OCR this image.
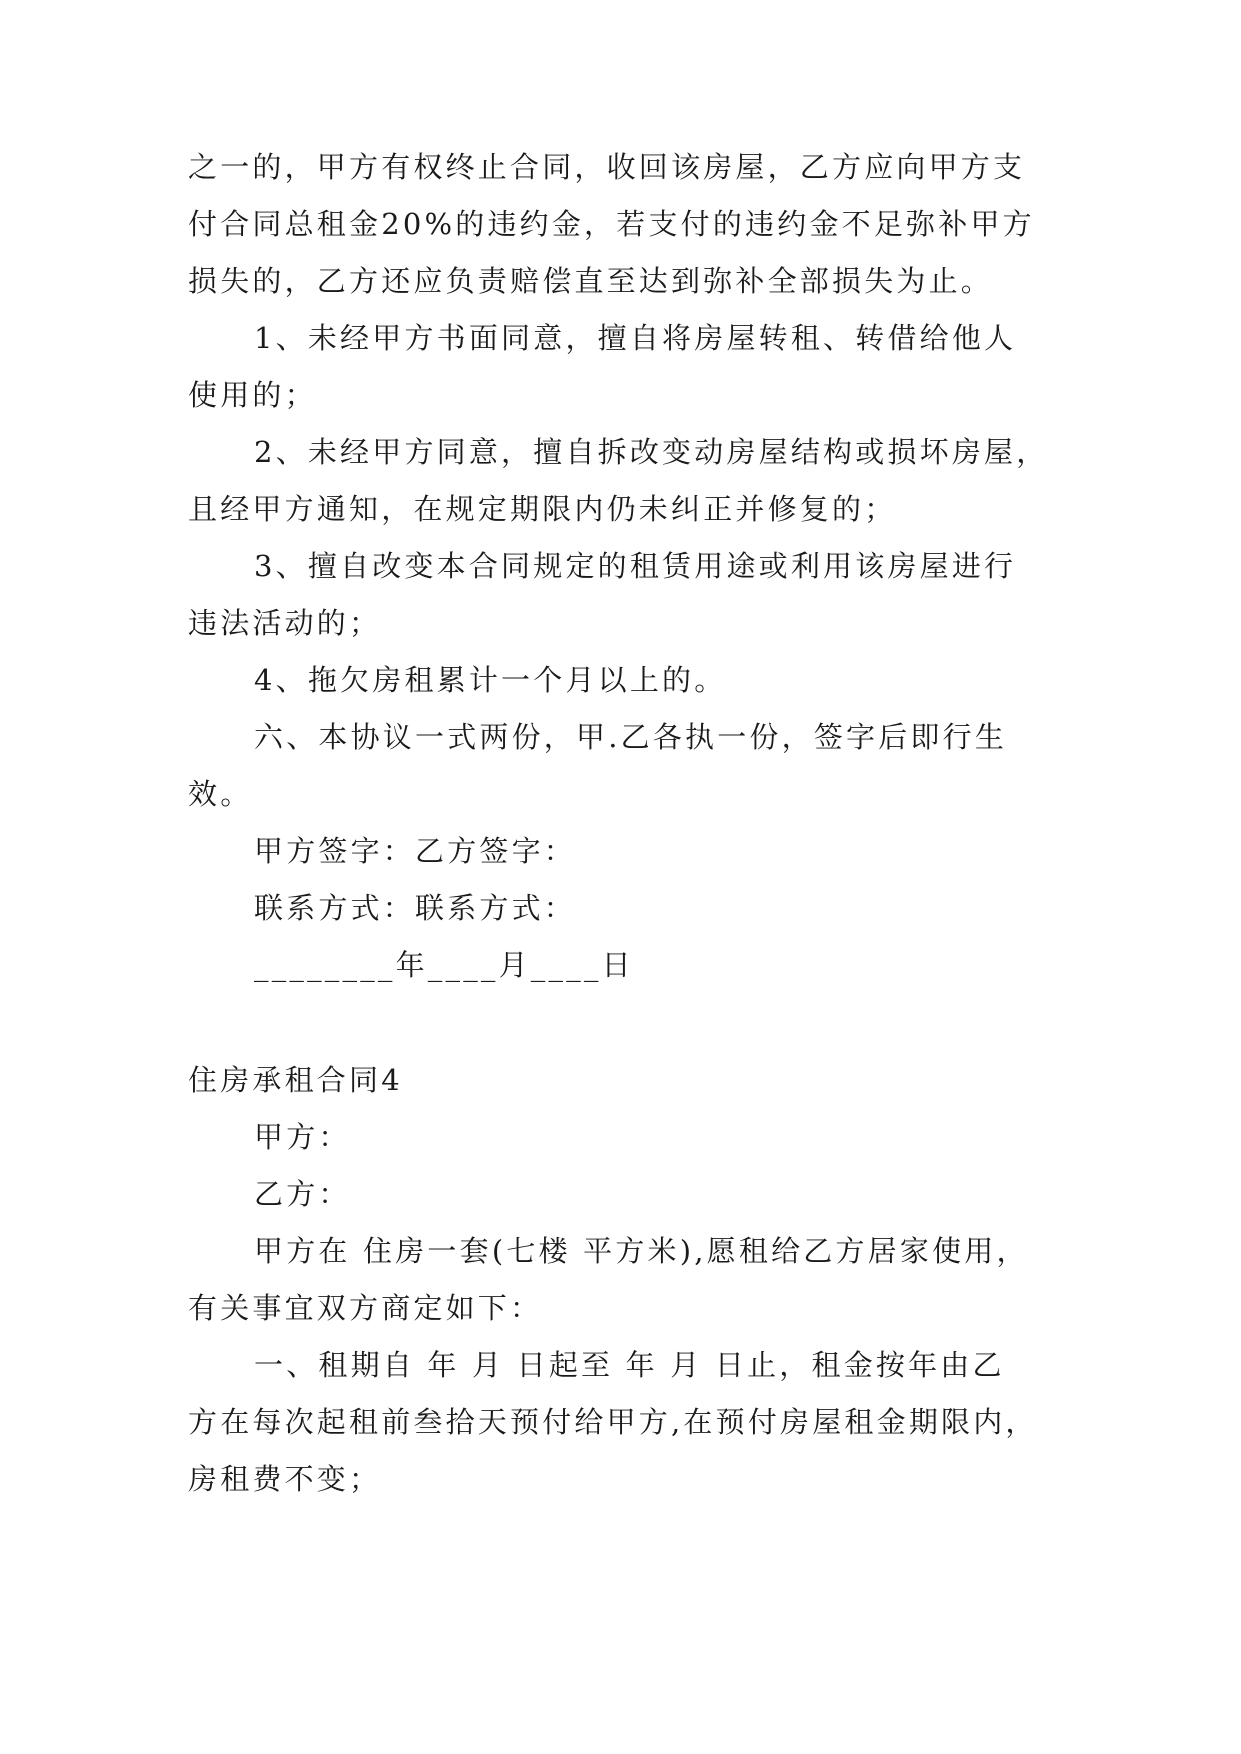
之一的，甲方有权终止合同，收回该房屋，乙方应向甲方支
付合同总租金20%的违约金，若支付的违约金不足弥补甲方
损失的，乙方还应负责赔偿直至达到弥补全部损失为止。
1、未经甲方书面同意，擅自将房屋转租、转借给他人
使用的；
2、未经甲方同意，擅自拆改变动房屋结构或损坏房屋，
且经甲方通知，在规定期限内仍未纠正并修复的；
3、擅自改变本合同规定的租赁用途或利用该房屋进行
违法活动的；
4、拖欠房租累计一个月以上的。
六、本协议一式两份，甲.乙各执一份，签字后即行生
效。
甲方签字：乙方签字：
联系方式：联系方式：
________年____月____日
住房承租合同4
甲方：
乙方：
甲方在 住房一套(七楼 平方米),愿租给乙方居家使用，
有关事宜双方商定如下：
一、租期自 年 月 日起至 年 月 日止，租金按年由乙
方在每次起租前叁拾天预付给甲方,在预付房屋租金期限内，
房租费不变；
